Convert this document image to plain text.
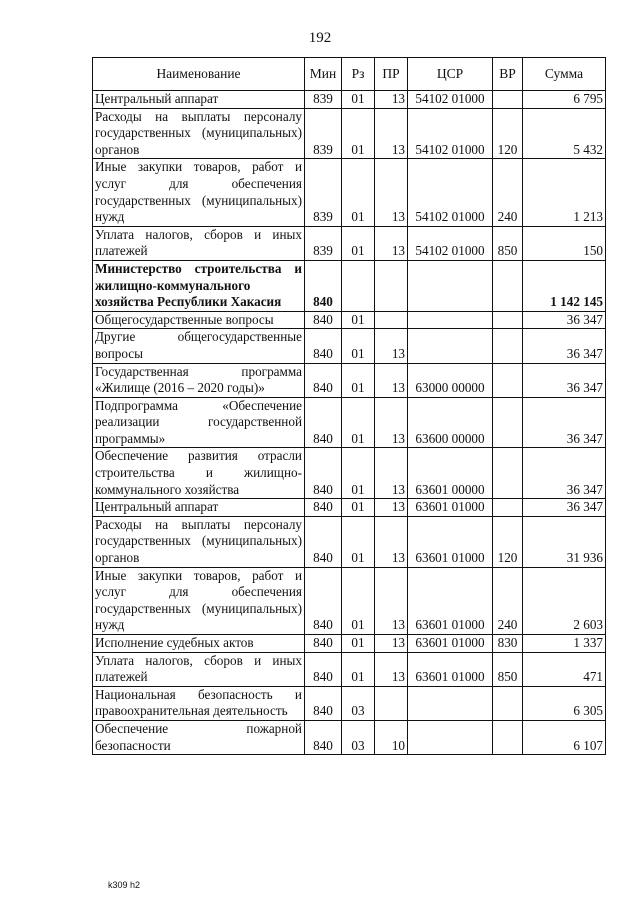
192
Наименование	Мин	Рз	ПР	ЦСР	ВР	Сумма
Центральный аппарат	839	01	13	54102 01000		6 795
Расходы на выплаты персоналу государственных (муниципальных) органов	839	01	13	54102 01000	120	5 432
Иные закупки товаров, работ и услуг для обеспечения государственных (муниципальных) нужд	839	01	13	54102 01000	240	1 213
Уплата налогов, сборов и иных платежей	839	01	13	54102 01000	850	150
Министерство строительства и жилищно-коммунального хозяйства Республики Хакасия	840					1 142 145
Общегосударственные вопросы	840	01				36 347
Другие общегосударственные вопросы	840	01	13			36 347
Государственная программа «Жилище (2016 – 2020 годы)»	840	01	13	63000 00000		36 347
Подпрограмма «Обеспечение реализации государственной программы»	840	01	13	63600 00000		36 347
Обеспечение развития отрасли строительства и жилищно-коммунального хозяйства	840	01	13	63601 00000		36 347
Центральный аппарат	840	01	13	63601 01000		36 347
Расходы на выплаты персоналу государственных (муниципальных) органов	840	01	13	63601 01000	120	31 936
Иные закупки товаров, работ и услуг для обеспечения государственных (муниципальных) нужд	840	01	13	63601 01000	240	2 603
Исполнение судебных актов	840	01	13	63601 01000	830	1 337
Уплата налогов, сборов и иных платежей	840	01	13	63601 01000	850	471
Национальная безопасность и правоохранительная деятельность	840	03				6 305
Обеспечение пожарной безопасности	840	03	10			6 107
k309 h2
